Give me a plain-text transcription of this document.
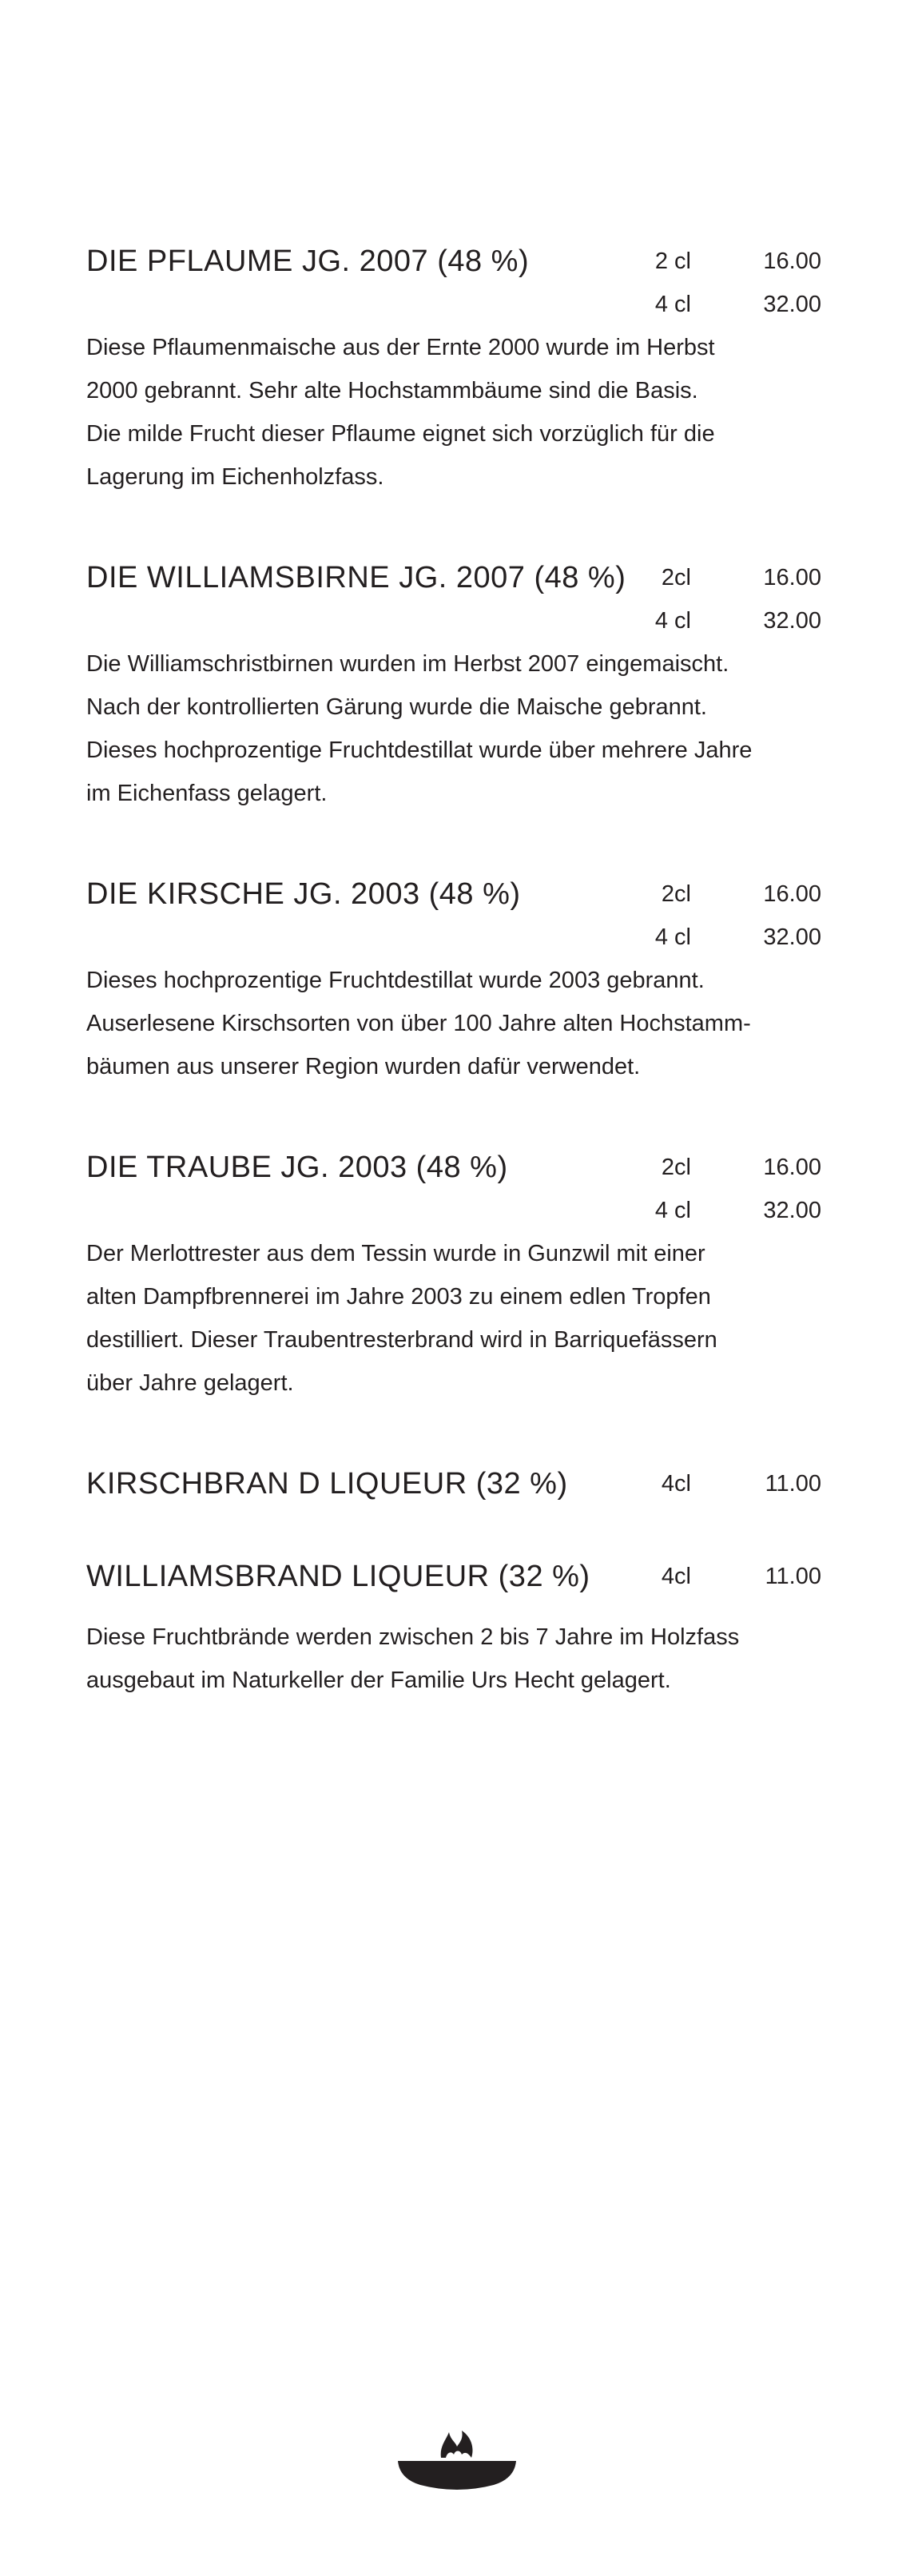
DIE PFLAUME JG. 2007 (48 %)	2 cl	16.00
4 cl	32.00

Diese Pflaumenmaische aus der Ernte 2000 wurde im Herbst
2000 gebrannt. Sehr alte Hochstammbäume sind die Basis.
Die milde Frucht dieser Pflaume eignet sich vorzüglich für die
Lagerung im Eichenholzfass.

DIE WILLIAMSBIRNE JG. 2007 (48 %)	2cl	16.00
4 cl	32.00

Die Williamschristbirnen wurden im Herbst 2007 eingemaischt.
Nach der kontrollierten Gärung wurde die Maische gebrannt.
Dieses hochprozentige Fruchtdestillat wurde über mehrere Jahre
im Eichenfass gelagert.

DIE KIRSCHE JG. 2003 (48 %)	2cl	16.00
4 cl	32.00

Dieses hochprozentige Fruchtdestillat wurde 2003 gebrannt.
Auserlesene Kirschsorten von über 100 Jahre alten Hochstamm-
bäumen aus unserer Region wurden dafür verwendet.

DIE TRAUBE JG. 2003 (48 %)	2cl	16.00
4 cl	32.00

Der Merlottrester aus dem Tessin wurde in Gunzwil mit einer
alten Dampfbrennerei im Jahre 2003 zu einem edlen Tropfen
destilliert. Dieser Traubentresterbrand wird in Barriquefässern
über Jahre gelagert.

KIRSCHBRAN D LIQUEUR (32 %)	4cl	11.00
WILLIAMSBRAND LIQUEUR (32 %)	4cl	11.00

Diese Fruchtbrände werden zwischen 2 bis 7 Jahre im Holzfass
ausgebaut im Naturkeller der Familie Urs Hecht gelagert.
